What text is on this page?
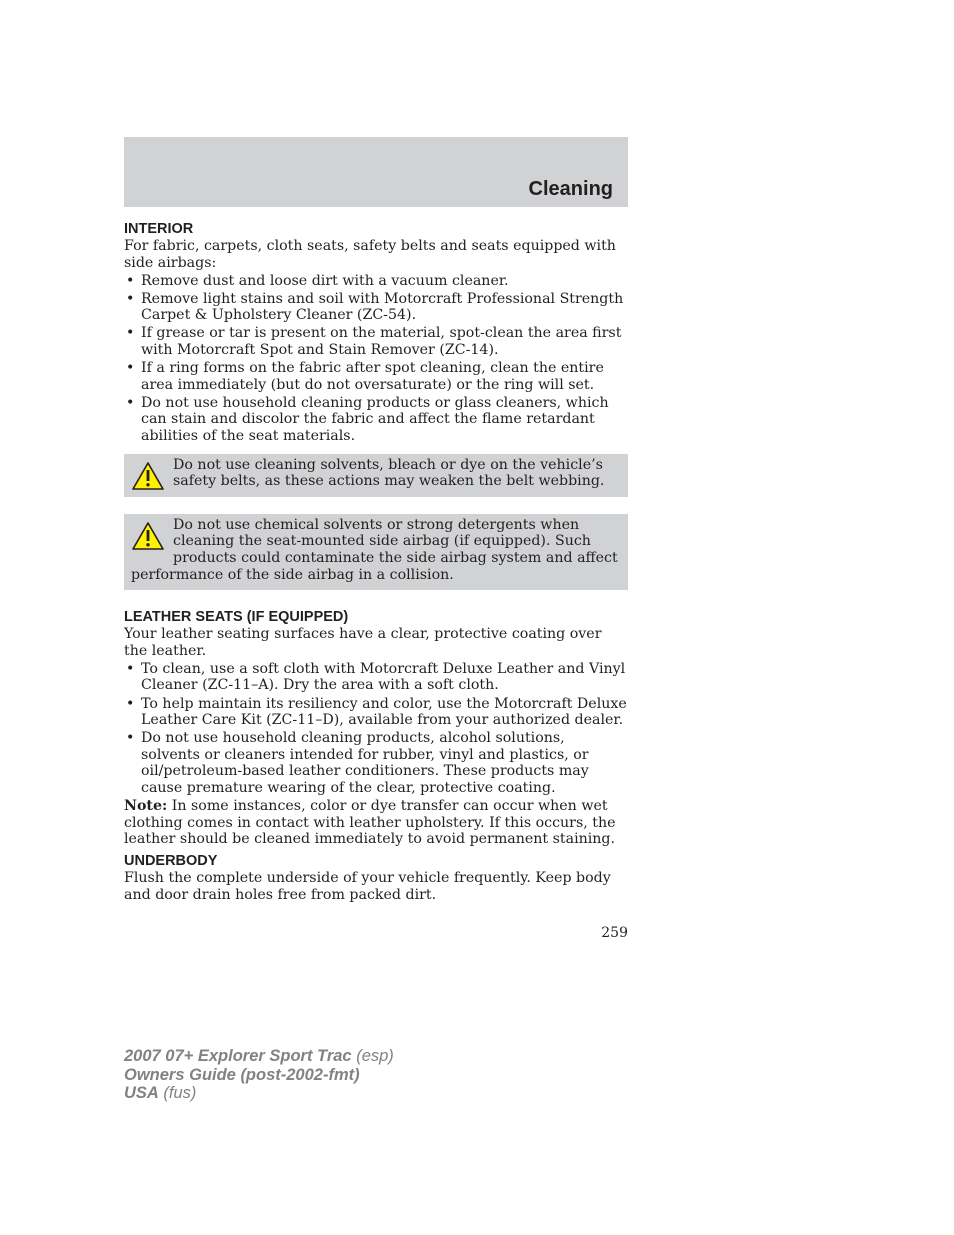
Cleaning
INTERIOR

For fabric, carpets, cloth seats, safety belts and seats equipped with side airbags:

• Remove dust and loose dirt with a vacuum cleaner.
• Remove light stains and soil with Motorcraft Professional Strength Carpet & Upholstery Cleaner (ZC-54).
• If grease or tar is present on the material, spot-clean the area first with Motorcraft Spot and Stain Remover (ZC-14).
• If a ring forms on the fabric after spot cleaning, clean the entire area immediately (but do not oversaturate) or the ring will set.
• Do not use household cleaning products or glass cleaners, which can stain and discolor the fabric and affect the flame retardant abilities of the seat materials.
Do not use cleaning solvents, bleach or dye on the vehicle’s safety belts, as these actions may weaken the belt webbing.
Do not use chemical solvents or strong detergents when cleaning the seat-mounted side airbag (if equipped). Such products could contaminate the side airbag system and affect performance of the side airbag in a collision.
LEATHER SEATS (IF EQUIPPED)

Your leather seating surfaces have a clear, protective coating over the leather.

• To clean, use a soft cloth with Motorcraft Deluxe Leather and Vinyl Cleaner (ZC-11–A). Dry the area with a soft cloth.
• To help maintain its resiliency and color, use the Motorcraft Deluxe Leather Care Kit (ZC-11–D), available from your authorized dealer.
• Do not use household cleaning products, alcohol solutions, solvents or cleaners intended for rubber, vinyl and plastics, or oil/petroleum-based leather conditioners. These products may cause premature wearing of the clear, protective coating.

Note: In some instances, color or dye transfer can occur when wet clothing comes in contact with leather upholstery. If this occurs, the leather should be cleaned immediately to avoid permanent staining.

UNDERBODY

Flush the complete underside of your vehicle frequently. Keep body and door drain holes free from packed dirt.

259
2007 07+ Explorer Sport Trac (esp)
Owners Guide (post-2002-fmt)
USA (fus)
